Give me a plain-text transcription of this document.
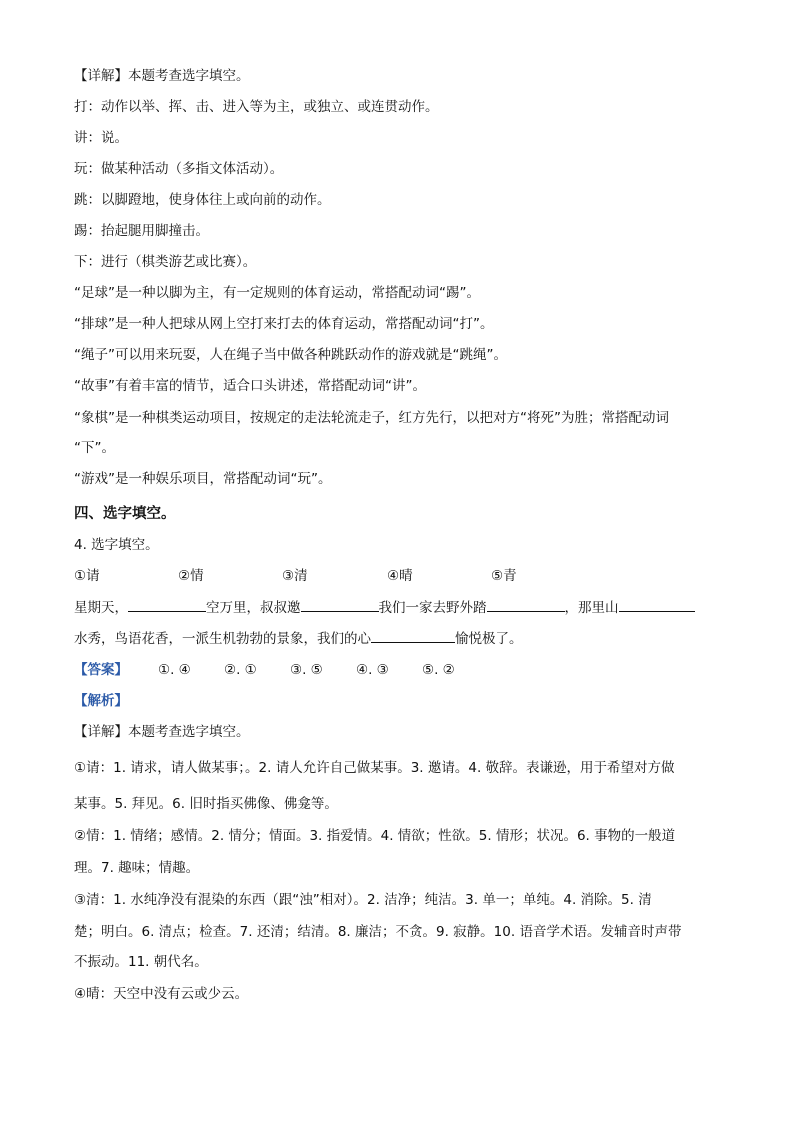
【详解】本题考查选字填空。
打：动作以举、挥、击、进入等为主，或独立、或连贯动作。
讲：说。
玩：做某种活动（多指文体活动）。
跳：以脚蹬地，使身体往上或向前的动作。
踢：抬起腿用脚撞击。
下：进行（棋类游艺或比赛）。
“足球”是一种以脚为主，有一定规则的体育运动，常搭配动词“踢”。
“排球”是一种人把球从网上空打来打去的体育运动，常搭配动词“打”。
“绳子”可以用来玩耍，人在绳子当中做各种跳跃动作的游戏就是“跳绳”。
“故事”有着丰富的情节，适合口头讲述，常搭配动词“讲”。
“象棋”是一种棋类运动项目，按规定的走法轮流走子，红方先行，以把对方“将死”为胜；常搭配动词
“下”。
“游戏”是一种娱乐项目，常搭配动词“玩”。
四、选字填空。
4. 选字填空。
①请	②情	③清	④晴	⑤青
星期天，	空万里，叔叔邀	我们一家去野外踏	，那里山
水秀，鸟语花香，一派生机勃勃的景象，我们的心	愉悦极了。
【答案】 ①. ④ ②. ① ③. ⑤ ④. ③ ⑤. ②
【解析】
【详解】本题考查选字填空。
①请：1. 请求，请人做某事；。2. 请人允许自己做某事。3. 邀请。4. 敬辞。表谦逊，用于希望对方做
某事。5. 拜见。6. 旧时指买佛像、佛龛等。
②情：1. 情绪；感情。2. 情分；情面。3. 指爱情。4. 情欲；性欲。5. 情形；状况。6. 事物的一般道
理。7. 趣味；情趣。
③清：1. 水纯净没有混染的东西（跟“浊”相对）。2. 洁净；纯洁。3. 单一；单纯。4. 消除。5. 清
楚；明白。6. 清点；检查。7. 还清；结清。8. 廉洁；不贪。9. 寂静。10. 语音学术语。发辅音时声带
不振动。11. 朝代名。
④晴：天空中没有云或少云。
